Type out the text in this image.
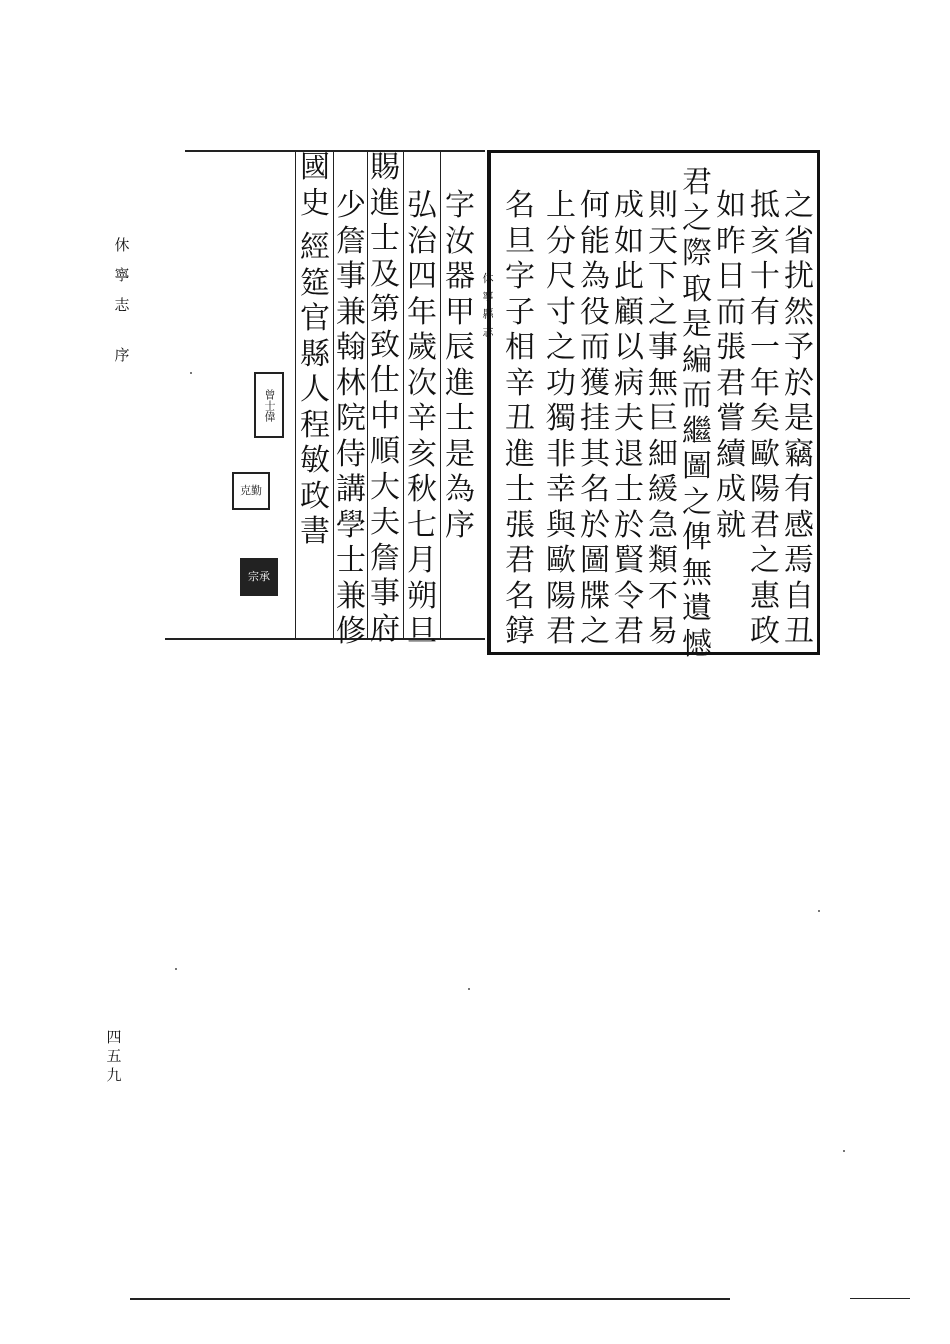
休
寧
志
序
四
五
九
之
省
扰
然
予
於
是
竊
有
感
焉
自
丑
抵
亥
十
有
一
年
矣
歐
陽
君
之
惠
政
如
昨
日
而
張
君
嘗
續
成
就
君
之
際
取
是
編
而
繼
圖
之
俾
無
遺
憾
則
天
下
之
事
無
巨
細
緩
急
類
不
易
成
如
此
顧
以
病
夫
退
士
於
賢
令
君
何
能
為
役
而
獲
挂
其
名
於
圖
牒
之
上
分
尺
寸
之
功
獨
非
幸
與
歐
陽
君
名
旦
字
子
相
辛
丑
進
士
張
君
名
錞
休
寧
縣
志
字
汝
器
甲
辰
進
士
是
為
序
弘
治
四
年
歲
次
辛
亥
秋
七
月
朔
旦
賜
進
士
及
第
致
仕
中
順
大
夫
詹
事
府
少
詹
事
兼
翰
林
院
侍
講
學
士
兼
修
國
史
經
筵
官
縣
人
程
敏
政
書
曾士偉
克勤
宗承
